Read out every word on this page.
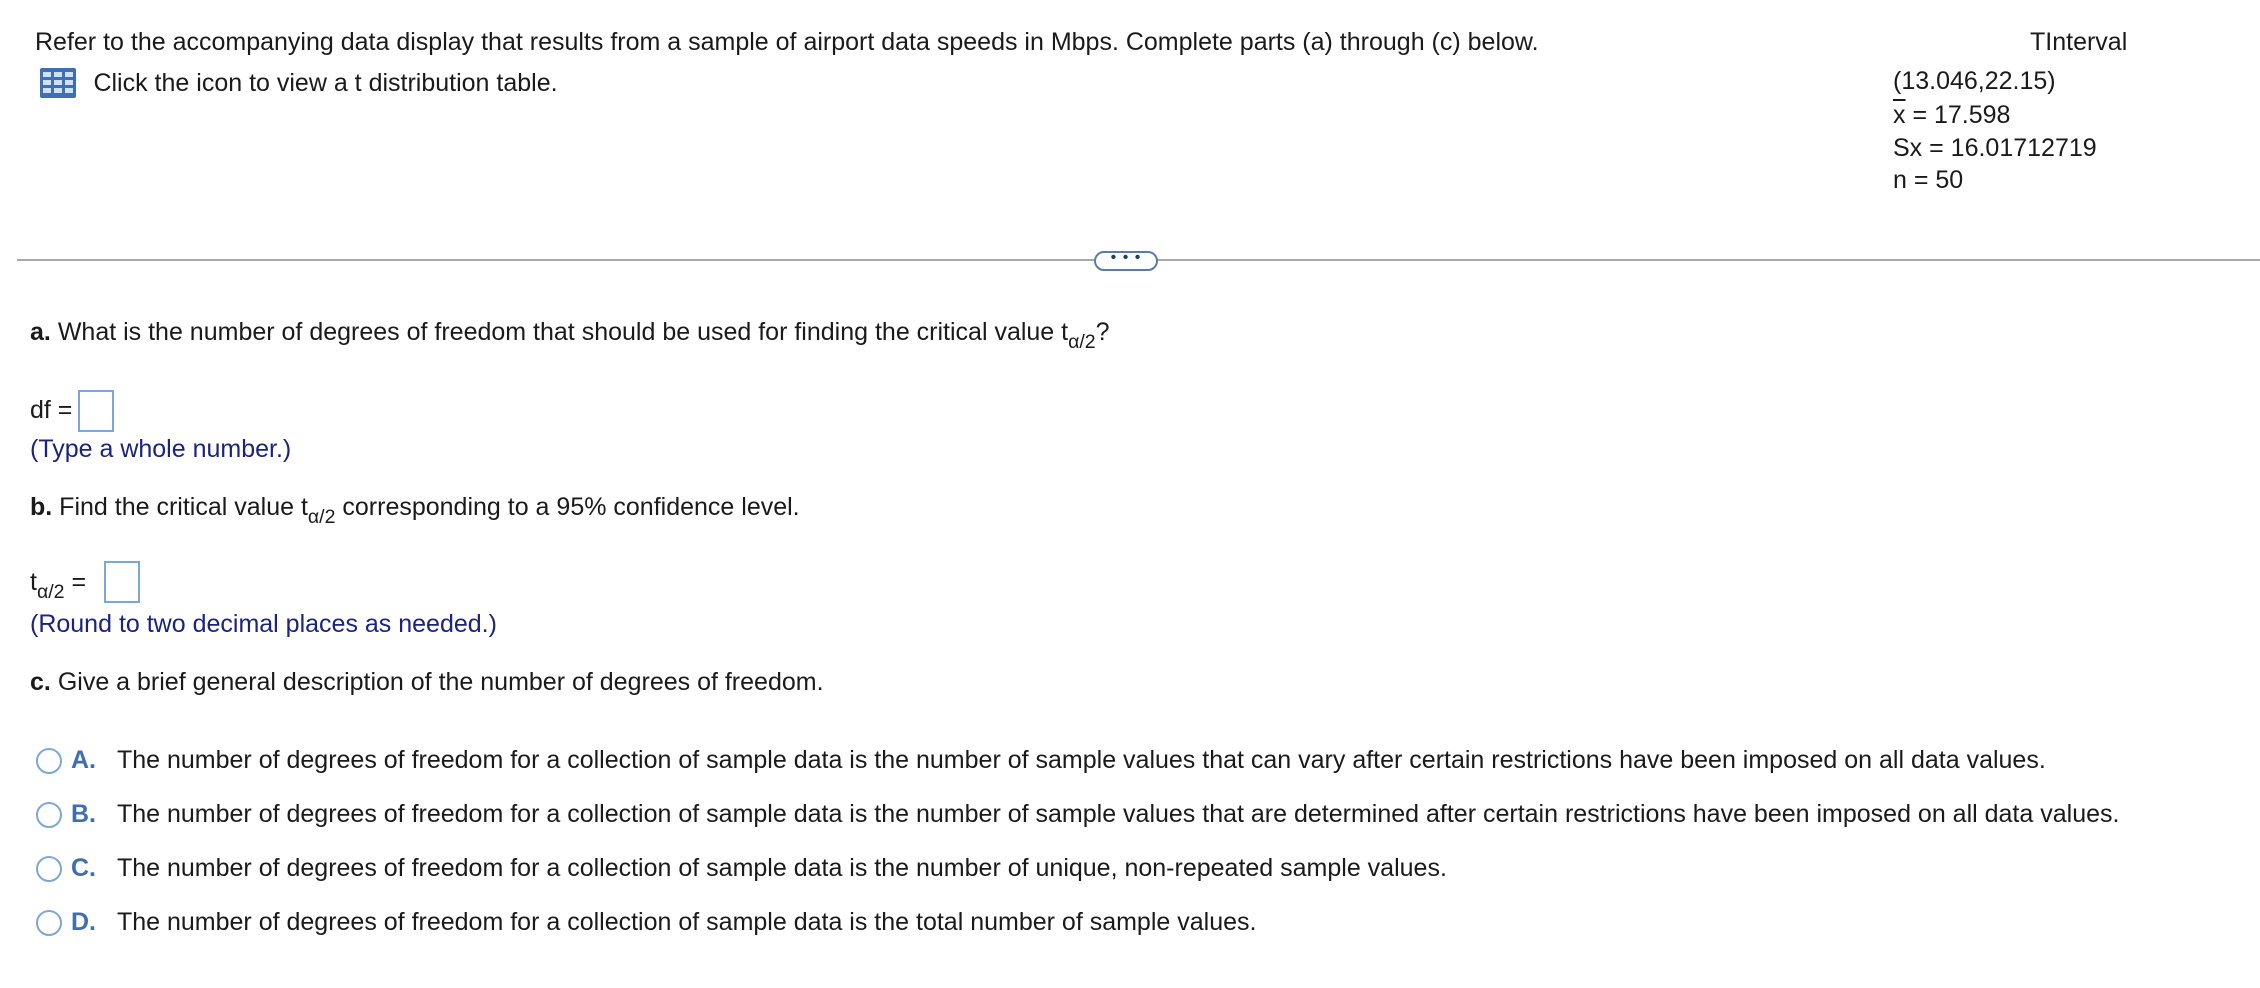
Refer to the accompanying data display that results from a sample of airport data speeds in Mbps. Complete parts (a) through (c) below.
Click the icon to view a t distribution table.
TInterval
(13.046,22.15)
$\overline{x} = 17.598$
Sx = 16.01712719
n = 50
• • •
a. What is the number of degrees of freedom that should be used for finding the critical value $t_{\alpha/2}$?
df =
(Type a whole number.)
b. Find the critical value $t_{\alpha/2}$ corresponding to a 95% confidence level.
$t_{\alpha/2}$ =
(Round to two decimal places as needed.)
c. Give a brief general description of the number of degrees of freedom.
A. The number of degrees of freedom for a collection of sample data is the number of sample values that can vary after certain restrictions have been imposed on all data values.
B. The number of degrees of freedom for a collection of sample data is the number of sample values that are determined after certain restrictions have been imposed on all data values.
C. The number of degrees of freedom for a collection of sample data is the number of unique, non-repeated sample values.
D. The number of degrees of freedom for a collection of sample data is the total number of sample values.
